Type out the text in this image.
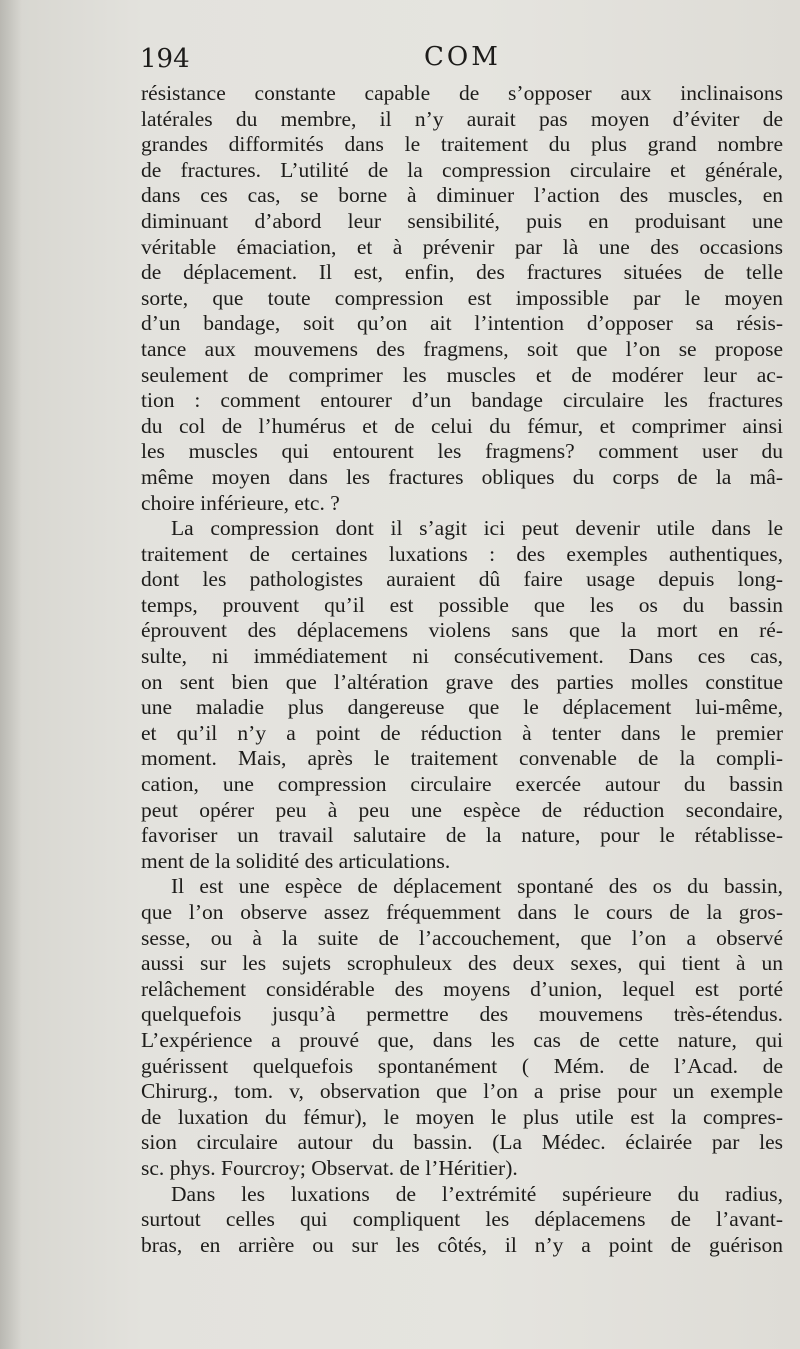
194	COM

résistance constante capable de s’opposer aux inclinaisons
latérales du membre, il n’y aurait pas moyen d’éviter de
grandes difformités dans le traitement du plus grand nombre
de fractures. L’utilité de la compression circulaire et générale,
dans ces cas, se borne à diminuer l’action des muscles, en
diminuant d’abord leur sensibilité, puis en produisant une
véritable émaciation, et à prévenir par là une des occasions
de déplacement. Il est, enfin, des fractures situées de telle
sorte, que toute compression est impossible par le moyen
d’un bandage, soit qu’on ait l’intention d’opposer sa résis-
tance aux mouvemens des fragmens, soit que l’on se propose
seulement de comprimer les muscles et de modérer leur ac-
tion : comment entourer d’un bandage circulaire les fractures
du col de l’humérus et de celui du fémur, et comprimer ainsi
les muscles qui entourent les fragmens? comment user du
même moyen dans les fractures obliques du corps de la mâ-
choire inférieure, etc. ?

La compression dont il s’agit ici peut devenir utile dans le
traitement de certaines luxations : des exemples authentiques,
dont les pathologistes auraient dû faire usage depuis long-
temps, prouvent qu’il est possible que les os du bassin
éprouvent des déplacemens violens sans que la mort en ré-
sulte, ni immédiatement ni consécutivement. Dans ces cas,
on sent bien que l’altération grave des parties molles constitue
une maladie plus dangereuse que le déplacement lui-même,
et qu’il n’y a point de réduction à tenter dans le premier
moment. Mais, après le traitement convenable de la compli-
cation, une compression circulaire exercée autour du bassin
peut opérer peu à peu une espèce de réduction secondaire,
favoriser un travail salutaire de la nature, pour le rétablisse-
ment de la solidité des articulations.

Il est une espèce de déplacement spontané des os du bassin,
que l’on observe assez fréquemment dans le cours de la gros-
sesse, ou à la suite de l’accouchement, que l’on a observé
aussi sur les sujets scrophuleux des deux sexes, qui tient à un
relâchement considérable des moyens d’union, lequel est porté
quelquefois jusqu’à permettre des mouvemens très-étendus.
L’expérience a prouvé que, dans les cas de cette nature, qui
guérissent quelquefois spontanément ( Mém. de l’Acad. de
Chirurg., tom. v, observation que l’on a prise pour un exemple
de luxation du fémur), le moyen le plus utile est la compres-
sion circulaire autour du bassin. (La Médec. éclairée par les
sc. phys. Fourcroy; Observat. de l’Héritier).

Dans les luxations de l’extrémité supérieure du radius,
surtout celles qui compliquent les déplacemens de l’avant-
bras, en arrière ou sur les côtés, il n’y a point de guérison
